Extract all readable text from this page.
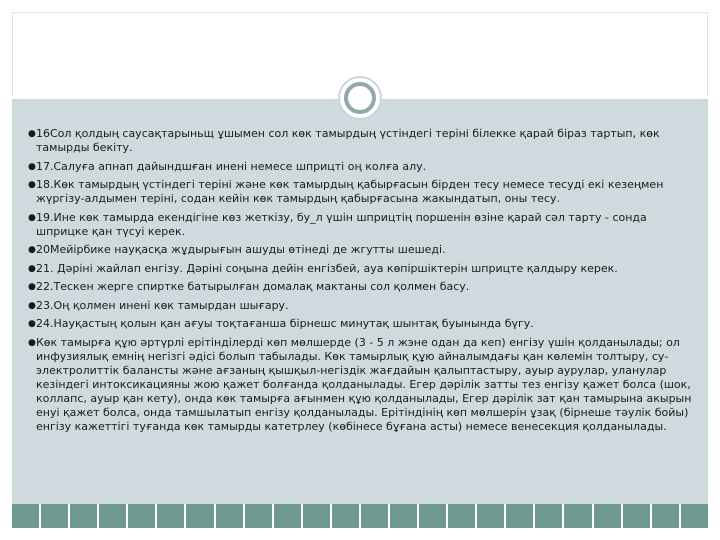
● 16Сол қолдың саусақтарыньщ ұшымен сол көк тамырдың үстіндегі терінi білекке қарай біраз тартып, көк тамырды бекіту.
● 17.Салуға апнап дайындшған инені немесе шприцті оң колға алу.
● 18.Көк тамырдың үстіндегі терінi және көк тамырдың қабырғасын бірден тесу немесе тесуді екі кезеңмен жүргізу-алдымен терінi, содан кейін көк тамырдың қабырғасына жакындатып, оны тесу.
● 19.Ине көк тамырда екендігіне көз жеткізу, бу_л үшін шприцтің поршенін өзіне қарай сәл тарту - сонда шприцке қан түсуі керек.
● 20Мейірбике науқасқа жұдырығын ашуды өтінеді де жгутты шешеді.
● 21. Дәріні жайлап енгізу. Дәріні соңына дейін енгізбей, ауа көпіршіктерін шприцте қалдыру керек.
● 22.Тескен жерге спиртке батырылған домалақ мактаны сол қолмен басу.
● 23.Оң қолмен инені көк тамырдан шығару.
● 24.Науқастың қолын қан ағуы тоқтағанша бірнешс минутақ шынтақ буынында бүгу.
● Көк тамырға құю әртүрлі ерітінділерді көп мөлшерде (3 - 5 л жэне одан да кеп) енгізу үшін қолданылады; ол инфузиялық емнің негізгі әдісі болып табылады. Көк тамырлық құю айналымдағы қан көлемін толтыру, су-электролиттік балансты және ағзаның қышқыл-негіздік жағдайын қалыптастыру, ауыр аурулар, уланулар кезіндегі интоксикацияны жою қажет болғанда қолданылады. Егер дәрілік затты тез енгізу қажет болса (шок, коллапс, ауыр қан кету), онда көк тамырға ағынмен құю қолданылады, Егер дәрілік зат қан тамырына акырын енуі қажет болса, онда тамшылатып енгізу қолданылады. Ерітіндінің көп мөлшерін ұзақ (бірнеше тәулік бойы) енгізу кажеттігі туғанда көк тамырды катетрлеу (көбінесе бұғана асты) немесе венесекция қолданылады.
